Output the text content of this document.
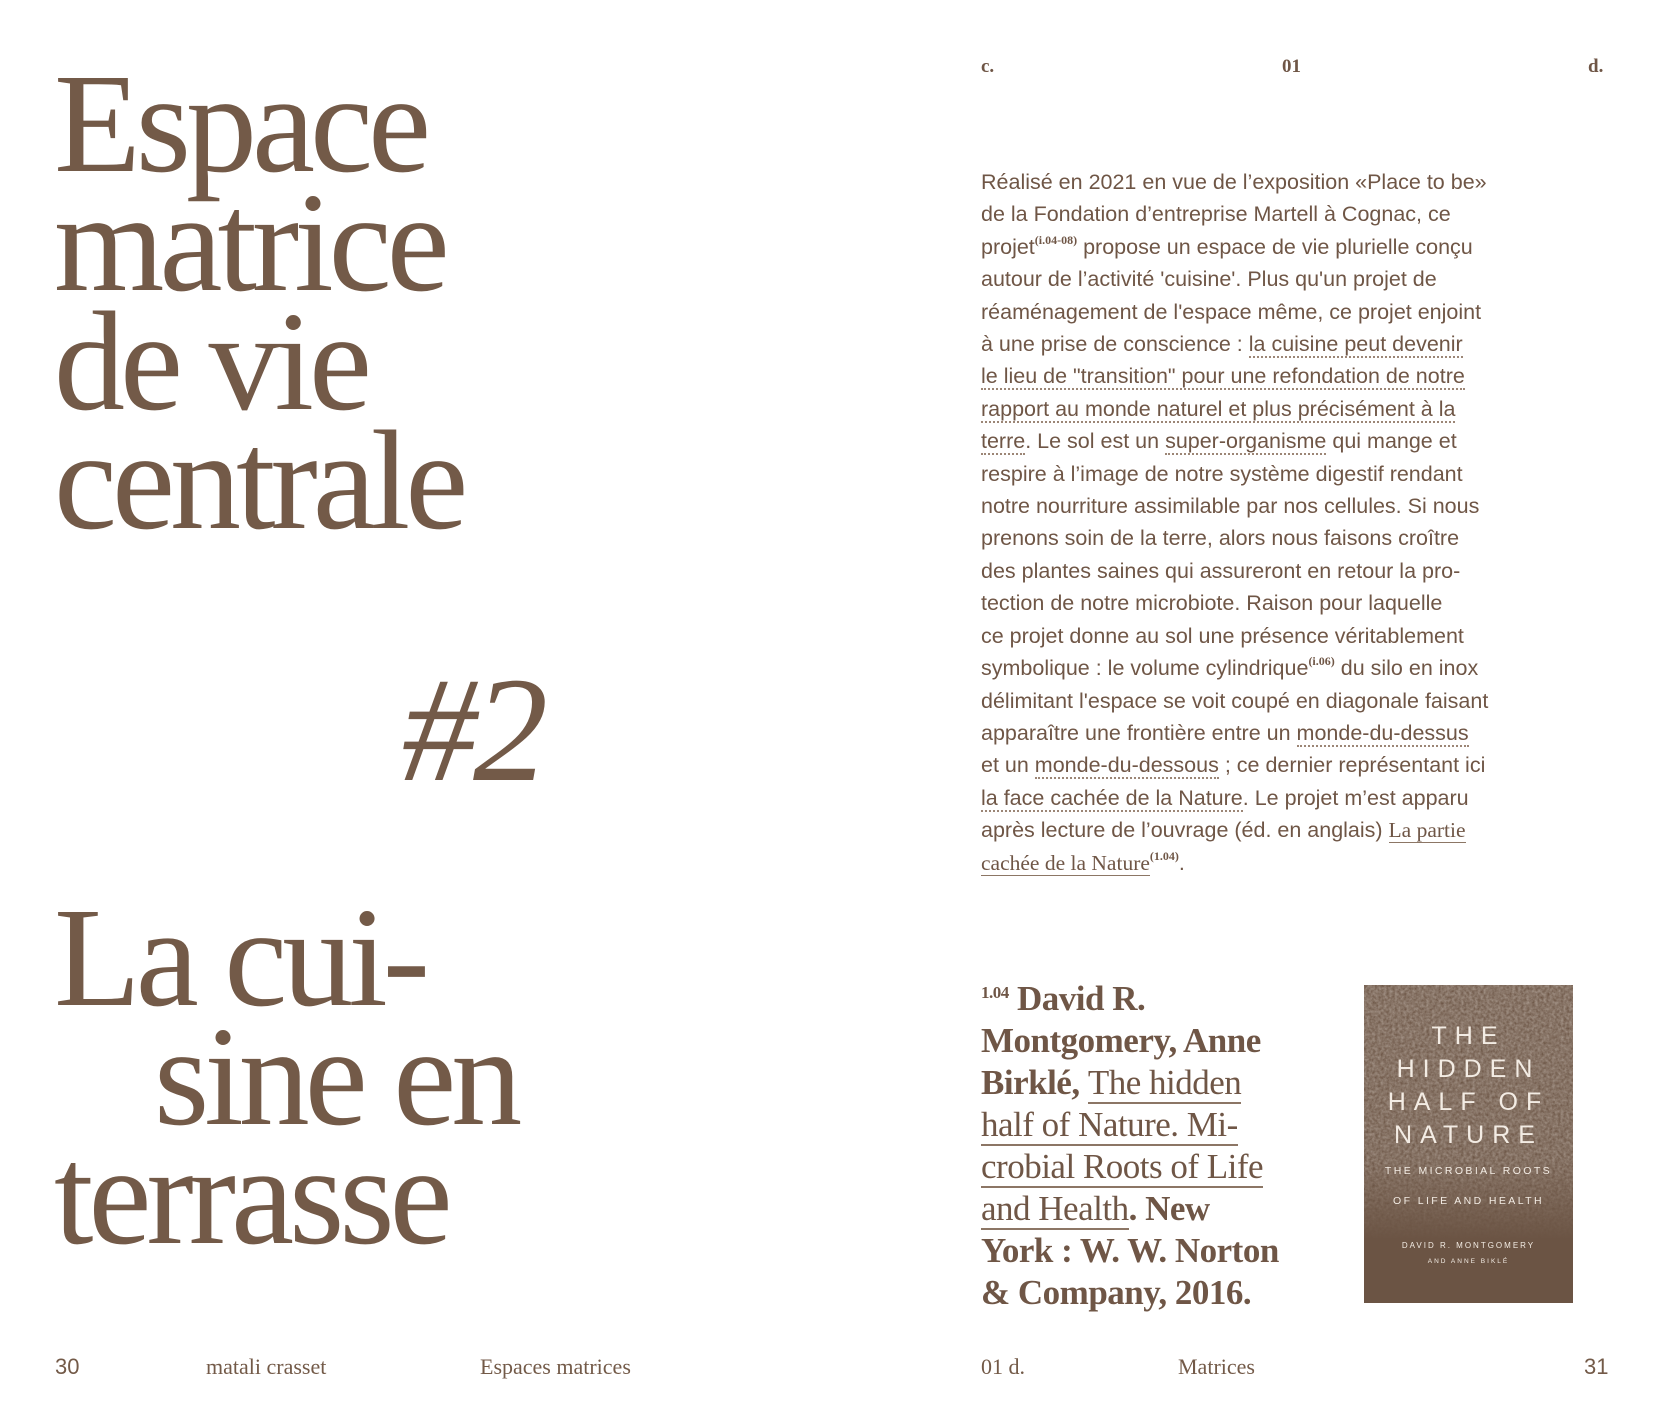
Espace
matrice
de vie
centrale
#2
La cui-
sine en
terrasse
c.	01	d.
Réalisé en 2021 en vue de l’exposition «Place to be»
de la Fondation d’entreprise Martell à Cognac, ce
projet$^{(i.04-08)}$ propose un espace de vie plurielle conçu
autour de l’activité 'cuisine'. Plus qu'un projet de
réaménagement de l'espace même, ce projet enjoint
à une prise de conscience : la cuisine peut devenir
le lieu de "transition" pour une refondation de notre
rapport au monde naturel et plus précisément à la
terre. Le sol est un super-organisme qui mange et
respire à l’image de notre système digestif rendant
notre nourriture assimilable par nos cellules. Si nous
prenons soin de la terre, alors nous faisons croître
des plantes saines qui assureront en retour la pro-
tection de notre microbiote. Raison pour laquelle
ce projet donne au sol une présence véritablement
symbolique : le volume cylindrique$^{(i.06)}$ du silo en inox
délimitant l'espace se voit coupé en diagonale faisant
apparaître une frontière entre un monde-du-dessus
et un monde-du-dessous ; ce dernier représentant ici
la face cachée de la Nature. Le projet m’est apparu
après lecture de l’ouvrage (éd. en anglais) La partie
cachée de la Nature$^{(1.04)}$.
$^{1.04}$ David R.
Montgomery, Anne
Birklé, The hidden
half of Nature. Mi-
crobial Roots of Life
and Health. New
York : W. W. Norton
& Company, 2016.
THE
HIDDEN
HALF OF
NATURE
THE MICROBIAL ROOTS
OF LIFE AND HEALTH
DAVID R. MONTGOMERY
AND ANNE BIKLÉ
30	matali crasset	Espaces matrices	01 d.	Matrices	31
